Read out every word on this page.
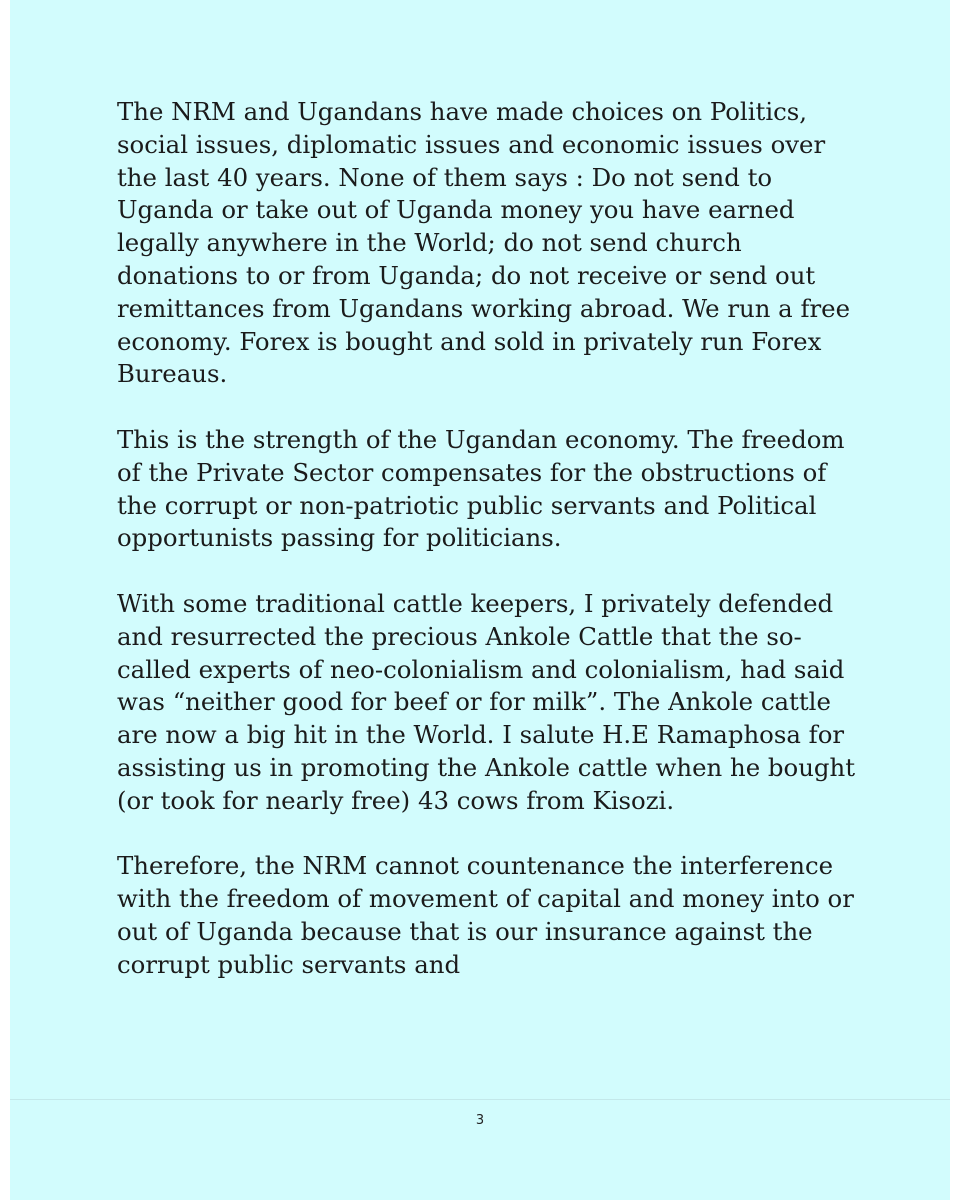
The NRM and Ugandans have made choices on Politics, social issues, diplomatic issues and economic issues over the last 40 years. None of them says : Do not send to Uganda or take out of Uganda money you have earned legally anywhere in the World; do not send church donations to or from Uganda; do not receive or send out remittances from Ugandans working abroad. We run a free economy. Forex is bought and sold in privately run Forex Bureaus.

This is the strength of the Ugandan economy. The freedom of the Private Sector compensates for the obstructions of the corrupt or non-patriotic public servants and Political opportunists passing for politicians.

With some traditional cattle keepers, I privately defended and resurrected the precious Ankole Cattle that the so-called experts of neo-colonialism and colonialism, had said was “neither good for beef or for milk”. The Ankole cattle are now a big hit in the World. I salute H.E Ramaphosa for assisting us in promoting the Ankole cattle when he bought (or took for nearly free) 43 cows from Kisozi.

Therefore, the NRM cannot countenance the interference with the freedom of movement of capital and money into or out of Uganda because that is our insurance against the corrupt public servants and

3
